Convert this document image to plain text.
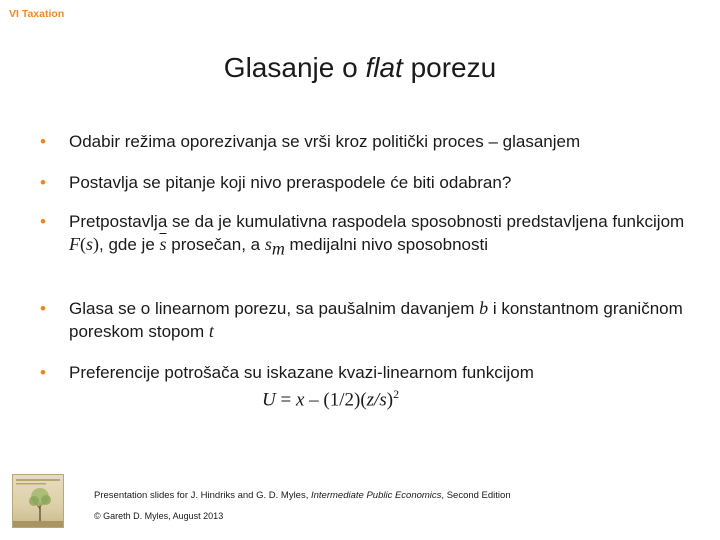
VI Taxation
Glasanje o flat porezu
• Odabir režima oporezivanja se vrši kroz politički proces – glasanjem
• Postavlja se pitanje koji nivo preraspodele će biti odabran?
• Pretpostavlja se da je kumulativna raspodela sposobnosti predstavljena funkcijom F(s), gde je $\overline{s}$ prosečan, a $s_m$ medijalni nivo sposobnosti
• Glasa se o linearnom porezu, sa paušalnim davanjem b i konstantnom graničnom poreskom stopom t
• Preferencije potrošača su iskazane kvazi-linearnom funkcijom
$U = x - (1/2)(z/s)^2$
Presentation slides for J. Hindriks and G. D. Myles, Intermediate Public Economics, Second Edition
© Gareth D. Myles, August 2013
